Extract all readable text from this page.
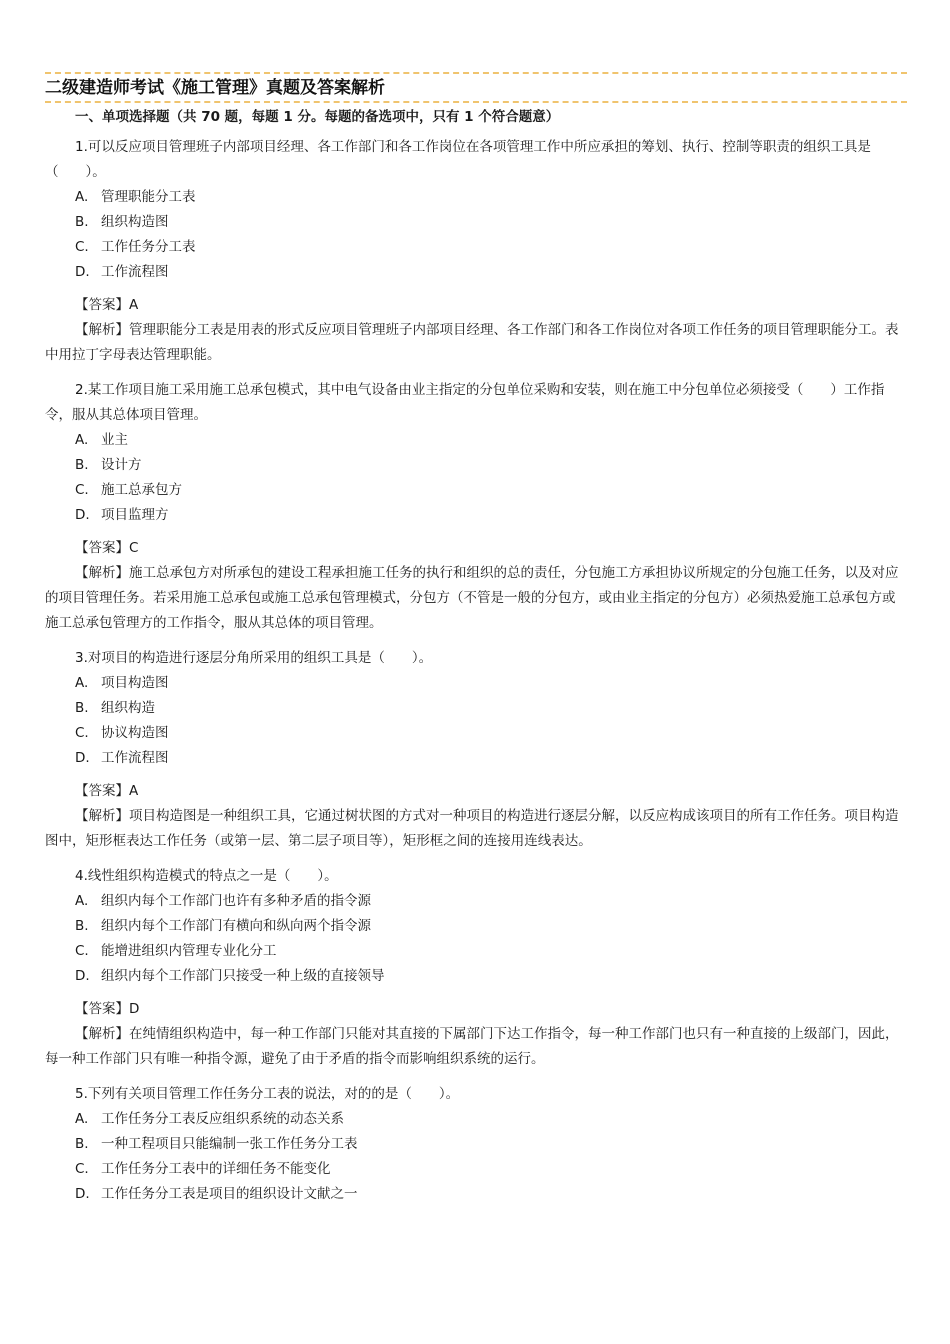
二级建造师考试《施工管理》真题及答案解析
一、单项选择题（共 70 题，每题 1 分。每题的备选项中，只有 1 个符合题意）

1.可以反应项目管理班子内部项目经理、各工作部门和各工作岗位在各项管理工作中所应承担的筹划、执行、控制等职责的组织工具是（　　）。

A. 管理职能分工表
B. 组织构造图
C. 工作任务分工表
D. 工作流程图
【答案】A

【解析】管理职能分工表是用表的形式反应项目管理班子内部项目经理、各工作部门和各工作岗位对各项工作任务的项目管理职能分工。表中用拉丁字母表达管理职能。

2.某工作项目施工采用施工总承包模式，其中电气设备由业主指定的分包单位采购和安装，则在施工中分包单位必须接受（　　）工作指令，服从其总体项目管理。

A. 业主
B. 设计方
C. 施工总承包方
D. 项目监理方
【答案】C

【解析】施工总承包方对所承包的建设工程承担施工任务的执行和组织的总的责任，分包施工方承担协议所规定的分包施工任务，以及对应的项目管理任务。若采用施工总承包或施工总承包管理模式，分包方（不管是一般的分包方，或由业主指定的分包方）必须热爱施工总承包方或施工总承包管理方的工作指令，服从其总体的项目管理。

3.对项目的构造进行逐层分角所采用的组织工具是（　　）。

A. 项目构造图
B. 组织构造
C. 协议构造图
D. 工作流程图
【答案】A

【解析】项目构造图是一种组织工具，它通过树状图的方式对一种项目的构造进行逐层分解，以反应构成该项目的所有工作任务。项目构造图中，矩形框表达工作任务（或第一层、第二层子项目等），矩形框之间的连接用连线表达。

4.线性组织构造模式的特点之一是（　　）。

A. 组织内每个工作部门也许有多种矛盾的指令源
B. 组织内每个工作部门有横向和纵向两个指令源
C. 能增进组织内管理专业化分工
D. 组织内每个工作部门只接受一种上级的直接领导
【答案】D

【解析】在纯情组织构造中，每一种工作部门只能对其直接的下属部门下达工作指令，每一种工作部门也只有一种直接的上级部门，因此，每一种工作部门只有唯一种指令源，避免了由于矛盾的指令而影响组织系统的运行。

5.下列有关项目管理工作任务分工表的说法，对的的是（　　）。

A. 工作任务分工表反应组织系统的动态关系
B. 一种工程项目只能编制一张工作任务分工表
C. 工作任务分工表中的详细任务不能变化
D. 工作任务分工表是项目的组织设计文献之一
